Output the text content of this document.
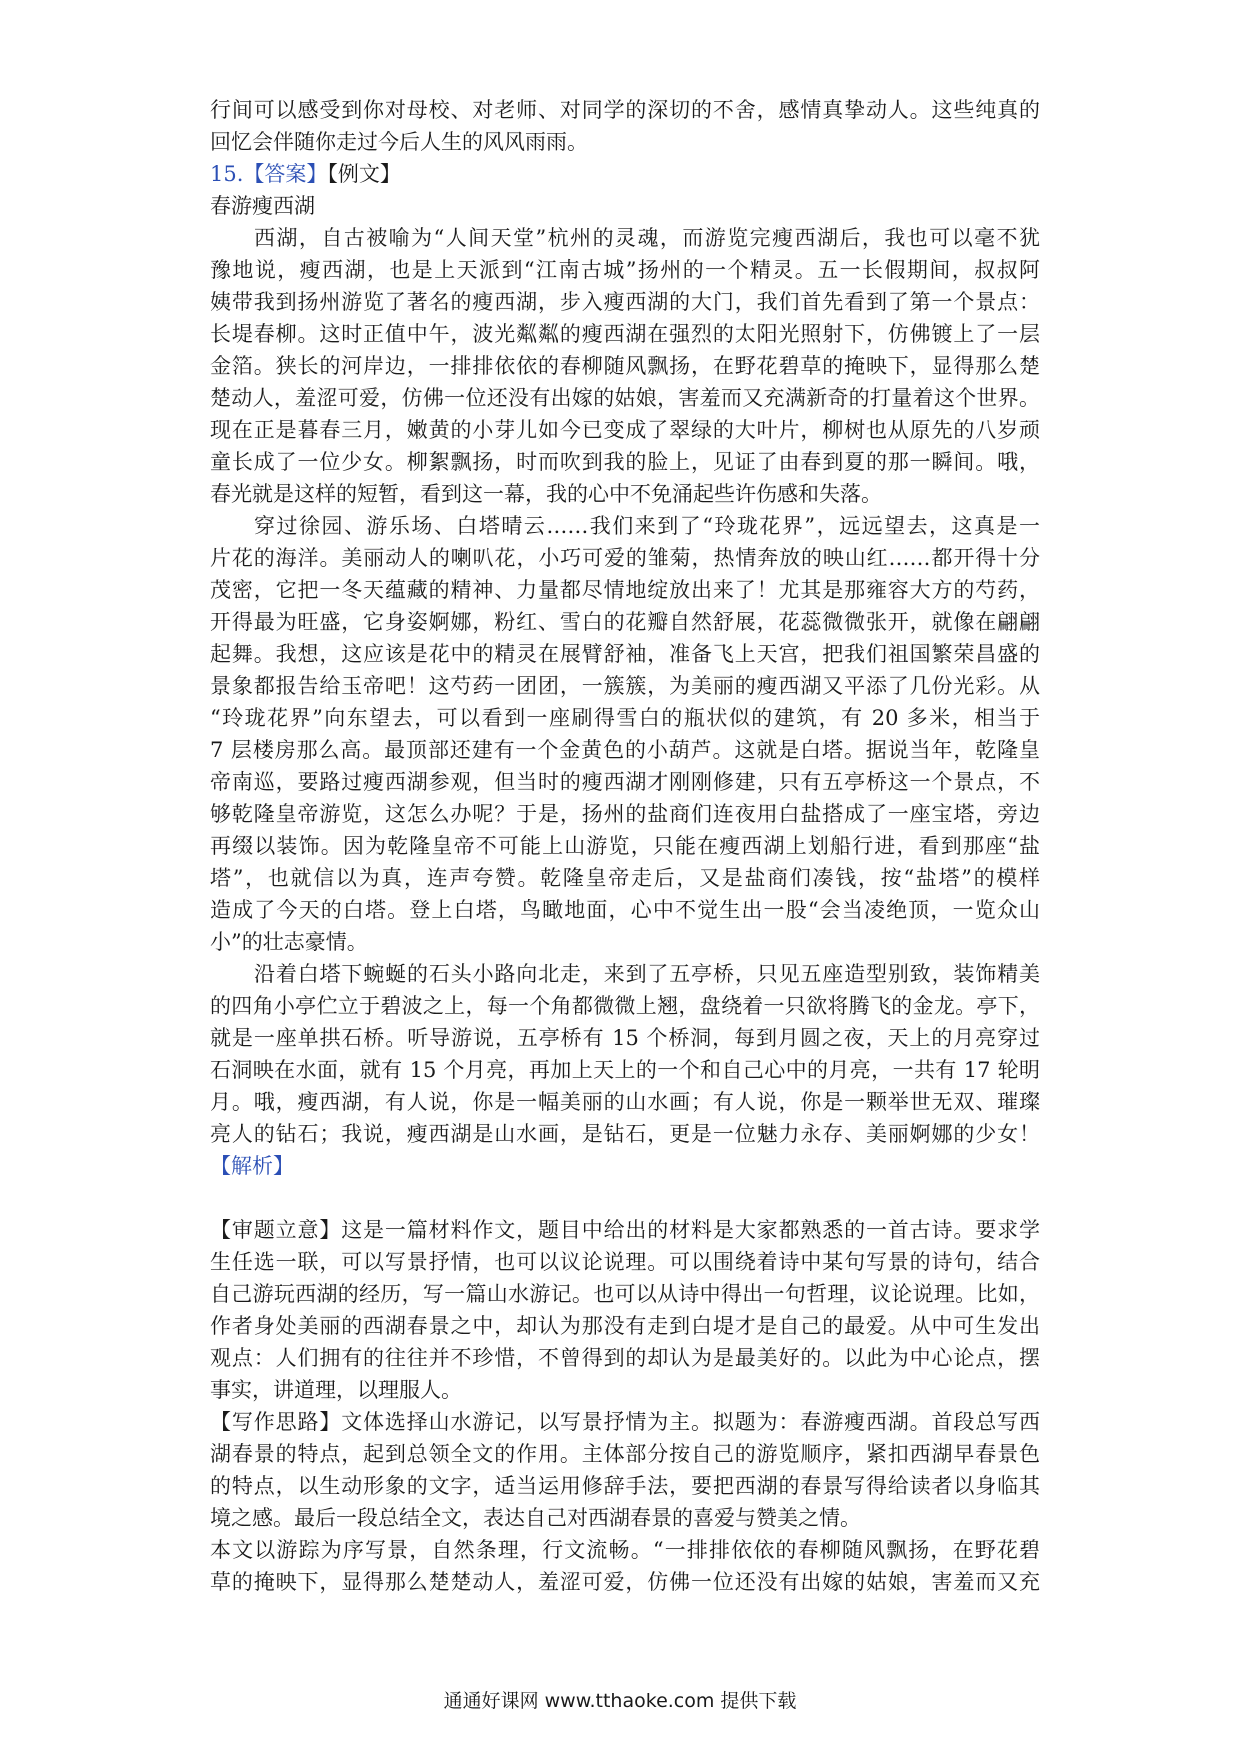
行间可以感受到你对母校、对老师、对同学的深切的不舍，感情真挚动人。这些纯真的
回忆会伴随你走过今后人生的风风雨雨。
15.【答案】【例文】
春游瘦西湖
西湖，自古被喻为“人间天堂”杭州的灵魂，而游览完瘦西湖后，我也可以毫不犹
豫地说，瘦西湖，也是上天派到“江南古城”扬州的一个精灵。五一长假期间，叔叔阿
姨带我到扬州游览了著名的瘦西湖，步入瘦西湖的大门，我们首先看到了第一个景点：
长堤春柳。这时正值中午，波光粼粼的瘦西湖在强烈的太阳光照射下，仿佛镀上了一层
金箔。狭长的河岸边，一排排依依的春柳随风飘扬，在野花碧草的掩映下，显得那么楚
楚动人，羞涩可爱，仿佛一位还没有出嫁的姑娘，害羞而又充满新奇的打量着这个世界。
现在正是暮春三月，嫩黄的小芽儿如今已变成了翠绿的大叶片，柳树也从原先的八岁顽
童长成了一位少女。柳絮飘扬，时而吹到我的脸上，见证了由春到夏的那一瞬间。哦，
春光就是这样的短暂，看到这一幕，我的心中不免涌起些许伤感和失落。
穿过徐园、游乐场、白塔晴云……我们来到了“玲珑花界”，远远望去，这真是一
片花的海洋。美丽动人的喇叭花，小巧可爱的雏菊，热情奔放的映山红……都开得十分
茂密，它把一冬天蕴藏的精神、力量都尽情地绽放出来了！尤其是那雍容大方的芍药，
开得最为旺盛，它身姿婀娜，粉红、雪白的花瓣自然舒展，花蕊微微张开，就像在翩翩
起舞。我想，这应该是花中的精灵在展臂舒袖，准备飞上天宫，把我们祖国繁荣昌盛的
景象都报告给玉帝吧！这芍药一团团，一簇簇，为美丽的瘦西湖又平添了几份光彩。从
“玲珑花界”向东望去，可以看到一座刷得雪白的瓶状似的建筑，有 20 多米，相当于
7 层楼房那么高。最顶部还建有一个金黄色的小葫芦。这就是白塔。据说当年，乾隆皇
帝南巡，要路过瘦西湖参观，但当时的瘦西湖才刚刚修建，只有五亭桥这一个景点，不
够乾隆皇帝游览，这怎么办呢？于是，扬州的盐商们连夜用白盐搭成了一座宝塔，旁边
再缀以装饰。因为乾隆皇帝不可能上山游览，只能在瘦西湖上划船行进，看到那座“盐
塔”，也就信以为真，连声夸赞。乾隆皇帝走后，又是盐商们凑钱，按“盐塔”的模样
造成了今天的白塔。登上白塔，鸟瞰地面，心中不觉生出一股“会当凌绝顶，一览众山
小”的壮志豪情。
沿着白塔下蜿蜒的石头小路向北走，来到了五亭桥，只见五座造型别致，装饰精美
的四角小亭伫立于碧波之上，每一个角都微微上翘，盘绕着一只欲将腾飞的金龙。亭下，
就是一座单拱石桥。听导游说，五亭桥有 15 个桥洞，每到月圆之夜，天上的月亮穿过
石洞映在水面，就有 15 个月亮，再加上天上的一个和自己心中的月亮，一共有 17 轮明
月。哦，瘦西湖，有人说，你是一幅美丽的山水画；有人说，你是一颗举世无双、璀璨
亮人的钻石；我说，瘦西湖是山水画，是钻石，更是一位魅力永存、美丽婀娜的少女！
【解析】
【审题立意】这是一篇材料作文，题目中给出的材料是大家都熟悉的一首古诗。要求学
生任选一联，可以写景抒情，也可以议论说理。可以围绕着诗中某句写景的诗句，结合
自己游玩西湖的经历，写一篇山水游记。也可以从诗中得出一句哲理，议论说理。比如，
作者身处美丽的西湖春景之中，却认为那没有走到白堤才是自己的最爱。从中可生发出
观点：人们拥有的往往并不珍惜，不曾得到的却认为是最美好的。以此为中心论点，摆
事实，讲道理，以理服人。
【写作思路】文体选择山水游记，以写景抒情为主。拟题为：春游瘦西湖。首段总写西
湖春景的特点，起到总领全文的作用。主体部分按自己的游览顺序，紧扣西湖早春景色
的特点，以生动形象的文字，适当运用修辞手法，要把西湖的春景写得给读者以身临其
境之感。最后一段总结全文，表达自己对西湖春景的喜爱与赞美之情。
本文以游踪为序写景，自然条理，行文流畅。“一排排依依的春柳随风飘扬，在野花碧
草的掩映下，显得那么楚楚动人，羞涩可爱，仿佛一位还没有出嫁的姑娘，害羞而又充
通通好课网 www.tthaoke.com 提供下载
